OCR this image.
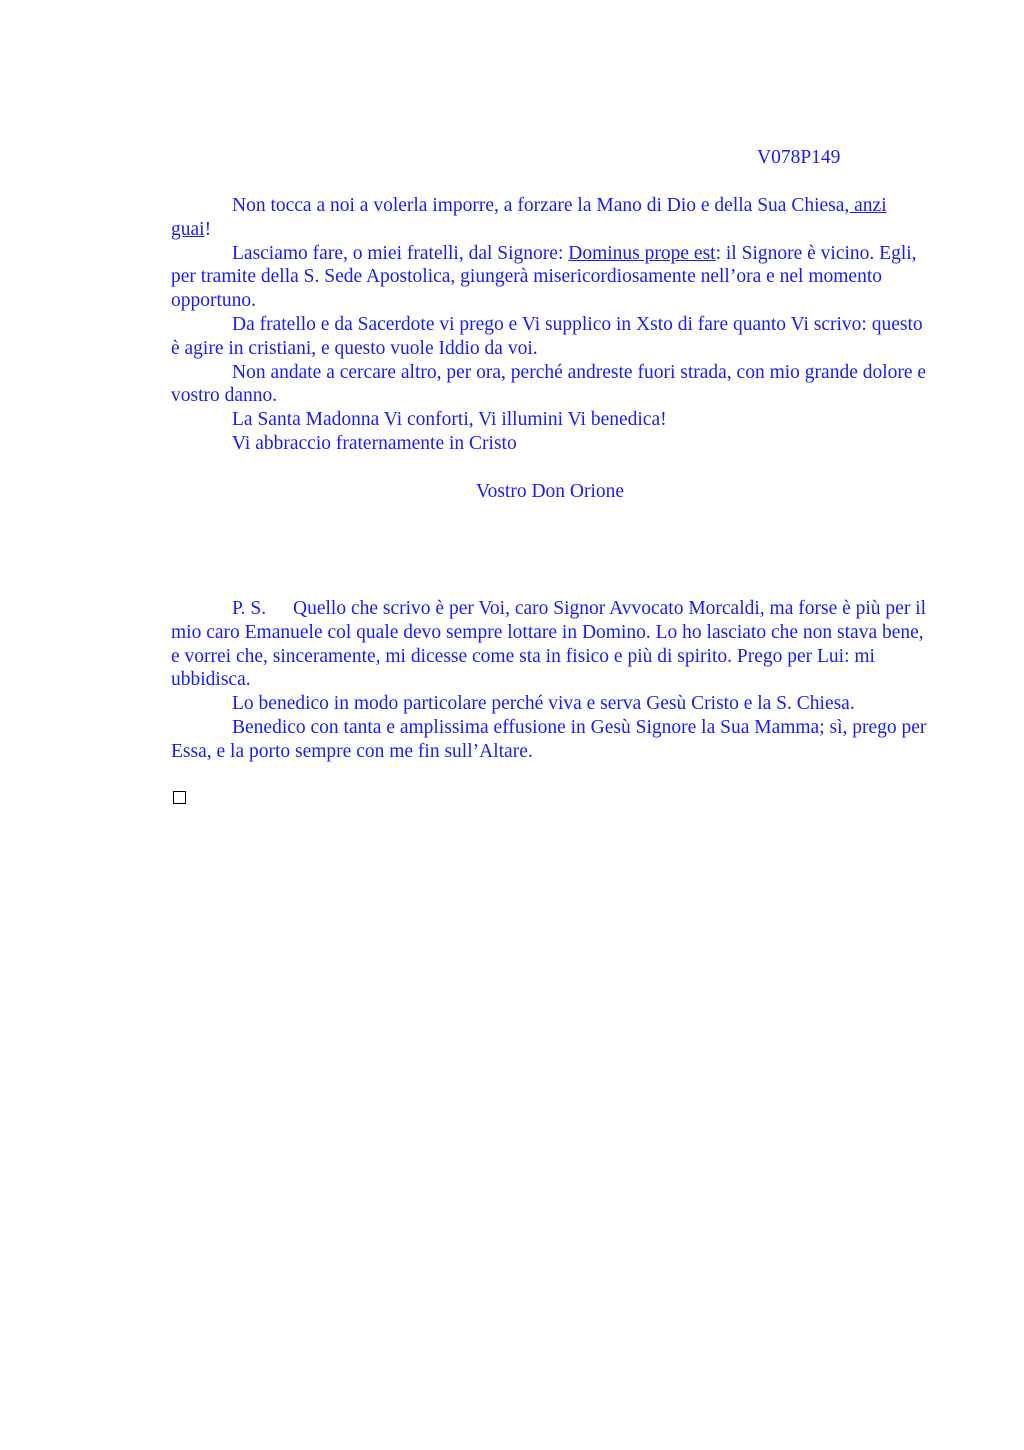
V078P149

Non tocca a noi a volerla imporre, a forzare la Mano di Dio e della Sua Chiesa, anzi guai!

Lasciamo fare, o miei fratelli, dal Signore: Dominus prope est: il Signore è vicino. Egli, per tramite della S. Sede Apostolica, giungerà misericordiosamente nell’ora e nel momento opportuno.

Da fratello e da Sacerdote vi prego e Vi supplico in Xsto di fare quanto Vi scrivo: questo è agire in cristiani, e questo vuole Iddio da voi.

Non andate a cercare altro, per ora, perché andreste fuori strada, con mio grande dolore e vostro danno.

La Santa Madonna Vi conforti, Vi illumini Vi benedica!

Vi abbraccio fraternamente in Cristo

Vostro Don Orione

P. S. Quello che scrivo è per Voi, caro Signor Avvocato Morcaldi, ma forse è più per il mio caro Emanuele col quale devo sempre lottare in Domino. Lo ho lasciato che non stava bene, e vorrei che, sinceramente, mi dicesse come sta in fisico e più di spirito. Prego per Lui: mi ubbidisca.

Lo benedico in modo particolare perché viva e serva Gesù Cristo e la S. Chiesa.

Benedico con tanta e amplissima effusione in Gesù Signore la Sua Mamma; sì, prego per Essa, e la porto sempre con me fin sull’Altare.
